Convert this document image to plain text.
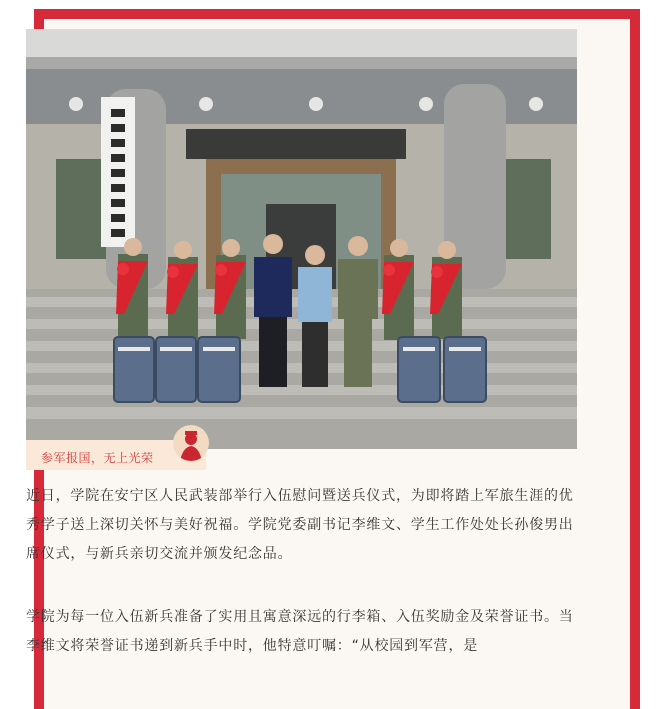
参军报国，无上光荣

近日，学院在安宁区人民武装部举行入伍慰问暨送兵仪式，为即将踏上军旅生涯的优秀学子送上深切关怀与美好祝福。学院党委副书记李维文、学生工作处处长孙俊男出席仪式，与新兵亲切交流并颁发纪念品。

学院为每一位入伍新兵准备了实用且寓意深远的行李箱、入伍奖励金及荣誉证书。当李维文将荣誉证书递到新兵手中时，他特意叮嘱：“从校园到军营，是
